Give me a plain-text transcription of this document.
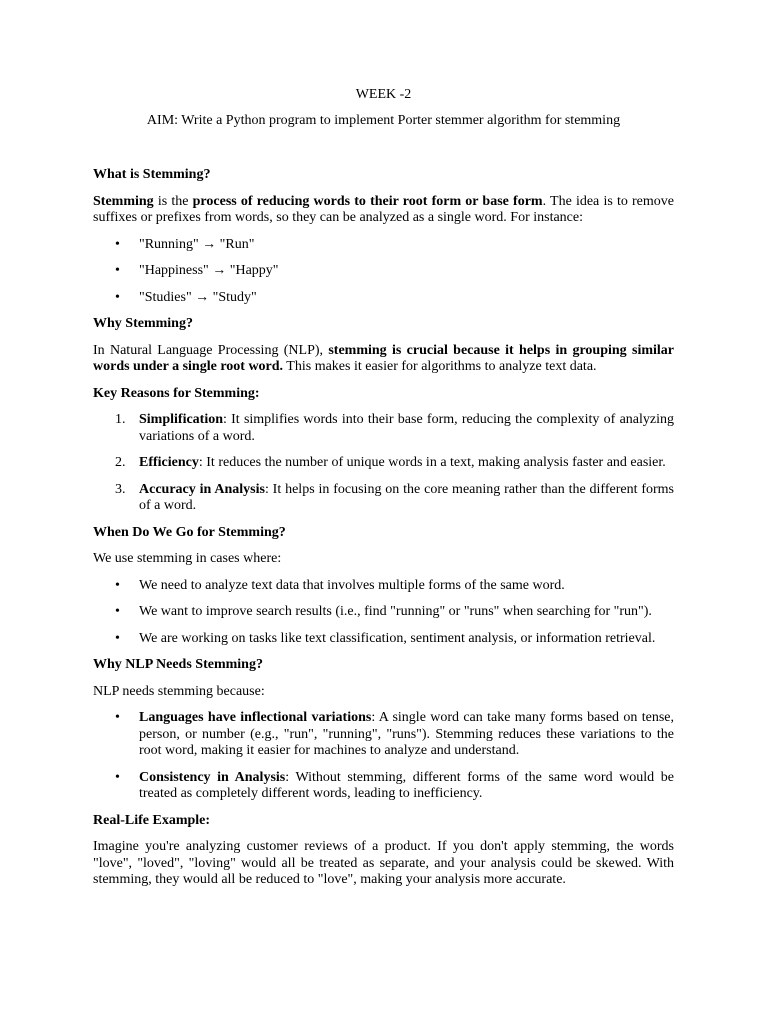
WEEK -2

AIM: Write a Python program to implement Porter stemmer algorithm for stemming

What is Stemming?

Stemming is the process of reducing words to their root form or base form. The idea is to remove suffixes or prefixes from words, so they can be analyzed as a single word. For instance:

• "Running" → "Run"
• "Happiness" → "Happy"
• "Studies" → "Study"
Why Stemming?

In Natural Language Processing (NLP), stemming is crucial because it helps in grouping similar words under a single root word. This makes it easier for algorithms to analyze text data.

Key Reasons for Stemming:
1. Simplification: It simplifies words into their base form, reducing the complexity of analyzing variations of a word.
2. Efficiency: It reduces the number of unique words in a text, making analysis faster and easier.
3. Accuracy in Analysis: It helps in focusing on the core meaning rather than the different forms of a word.
When Do We Go for Stemming?

We use stemming in cases where:

• We need to analyze text data that involves multiple forms of the same word.
• We want to improve search results (i.e., find "running" or "runs" when searching for "run").
• We are working on tasks like text classification, sentiment analysis, or information retrieval.
Why NLP Needs Stemming?

NLP needs stemming because:

• Languages have inflectional variations: A single word can take many forms based on tense, person, or number (e.g., "run", "running", "runs"). Stemming reduces these variations to the root word, making it easier for machines to analyze and understand.
• Consistency in Analysis: Without stemming, different forms of the same word would be treated as completely different words, leading to inefficiency.
Real-Life Example:

Imagine you're analyzing customer reviews of a product. If you don't apply stemming, the words "love", "loved", "loving" would all be treated as separate, and your analysis could be skewed. With stemming, they would all be reduced to "love", making your analysis more accurate.
